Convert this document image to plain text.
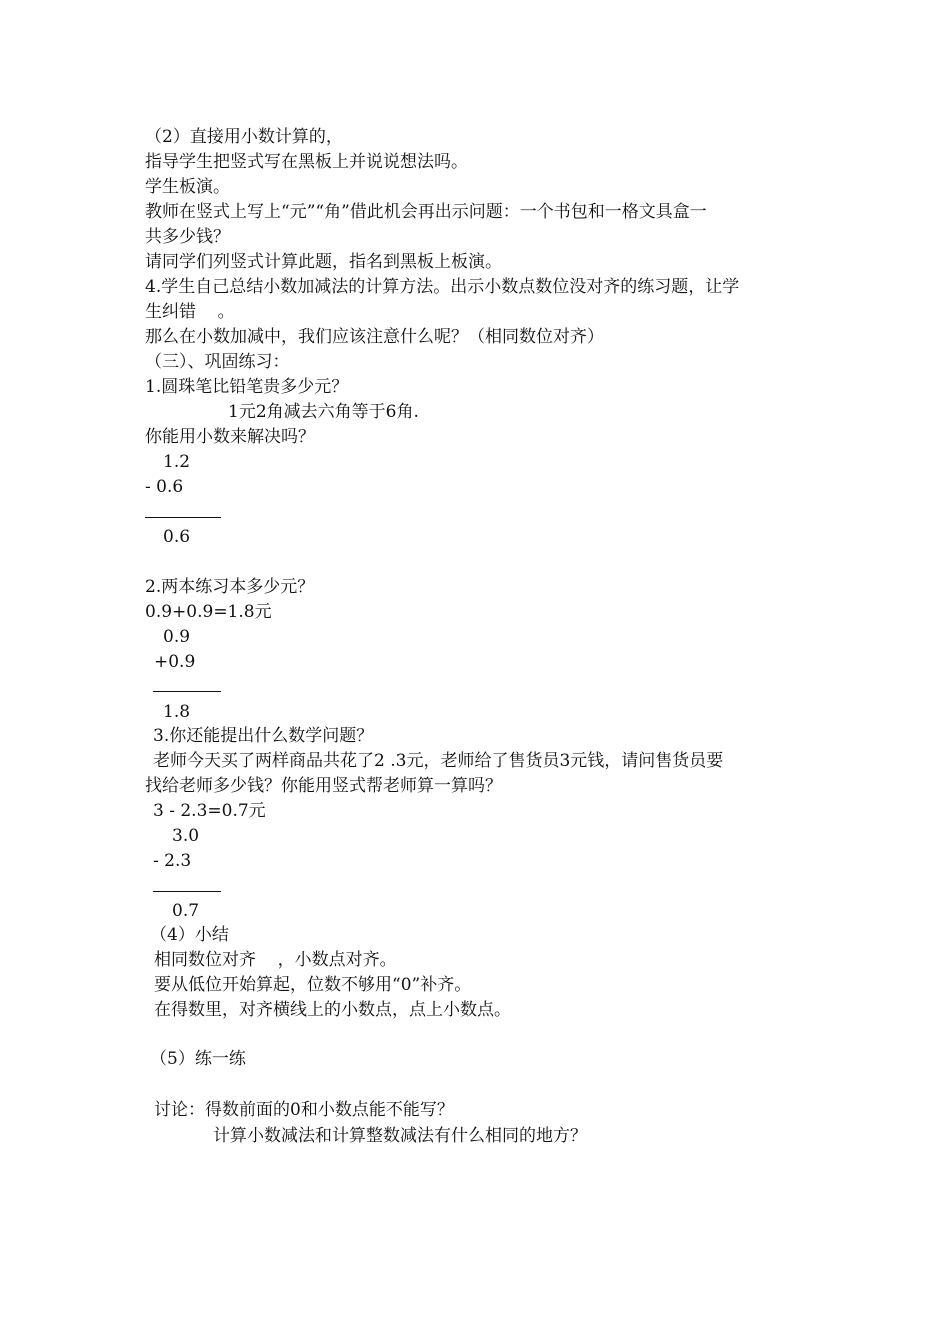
（2）直接用小数计算的，
指导学生把竖式写在黑板上并说说想法吗。
学生板演。
教师在竖式上写上“元”“角”借此机会再出示问题：一个书包和一格文具盒一
共多少钱？
请同学们列竖式计算此题，指名到黑板上板演。
4.学生自己总结小数加减法的计算方法。出示小数点数位没对齐的练习题，让学
生纠错    。
那么在小数加减中，我们应该注意什么呢？（相同数位对齐）
（三）、巩固练习：
1.圆珠笔比铅笔贵多少元？
1元2角减去六角等于6角.
你能用小数来解决吗？
1.2
- 0.6
0.6
2.两本练习本多少元？
0.9+0.9=1.8元
0.9
+0.9
1.8
3.你还能提出什么数学问题？
老师今天买了两样商品共花了2 .3元，老师给了售货员3元钱，请问售货员要
找给老师多少钱？你能用竖式帮老师算一算吗？
3 - 2.3=0.7元
3.0
- 2.3
0.7
（4）小结
相同数位对齐    ，小数点对齐。
要从低位开始算起，位数不够用“0”补齐。
在得数里，对齐横线上的小数点，点上小数点。
（5）练一练
讨论：得数前面的0和小数点能不能写？
计算小数减法和计算整数减法有什么相同的地方？
